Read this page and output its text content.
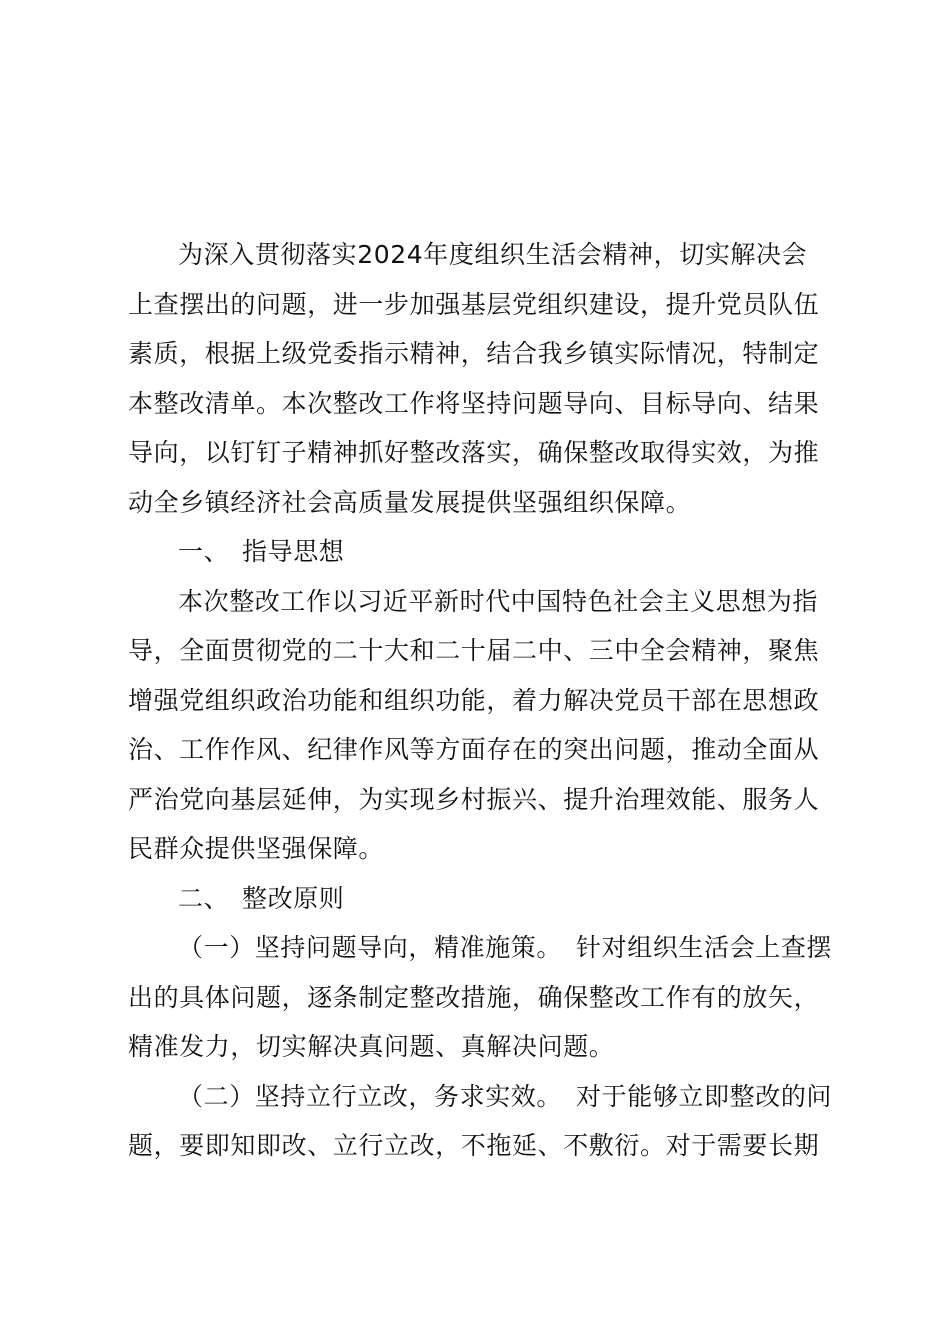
为深入贯彻落实2024年度组织生活会精神，切实解决会
上查摆出的问题，进一步加强基层党组织建设，提升党员队伍
素质，根据上级党委指示精神，结合我乡镇实际情况，特制定
本整改清单。本次整改工作将坚持问题导向、目标导向、结果
导向，以钉钉子精神抓好整改落实，确保整改取得实效，为推
动全乡镇经济社会高质量发展提供坚强组织保障。
一、 指导思想
本次整改工作以习近平新时代中国特色社会主义思想为指
导，全面贯彻党的二十大和二十届二中、三中全会精神，聚焦
增强党组织政治功能和组织功能，着力解决党员干部在思想政
治、工作作风、纪律作风等方面存在的突出问题，推动全面从
严治党向基层延伸，为实现乡村振兴、提升治理效能、服务人
民群众提供坚强保障。
二、 整改原则
（一）坚持问题导向，精准施策。 针对组织生活会上查摆
出的具体问题，逐条制定整改措施，确保整改工作有的放矢，
精准发力，切实解决真问题、真解决问题。
（二）坚持立行立改，务求实效。 对于能够立即整改的问
题，要即知即改、立行立改，不拖延、不敷衍。对于需要长期
